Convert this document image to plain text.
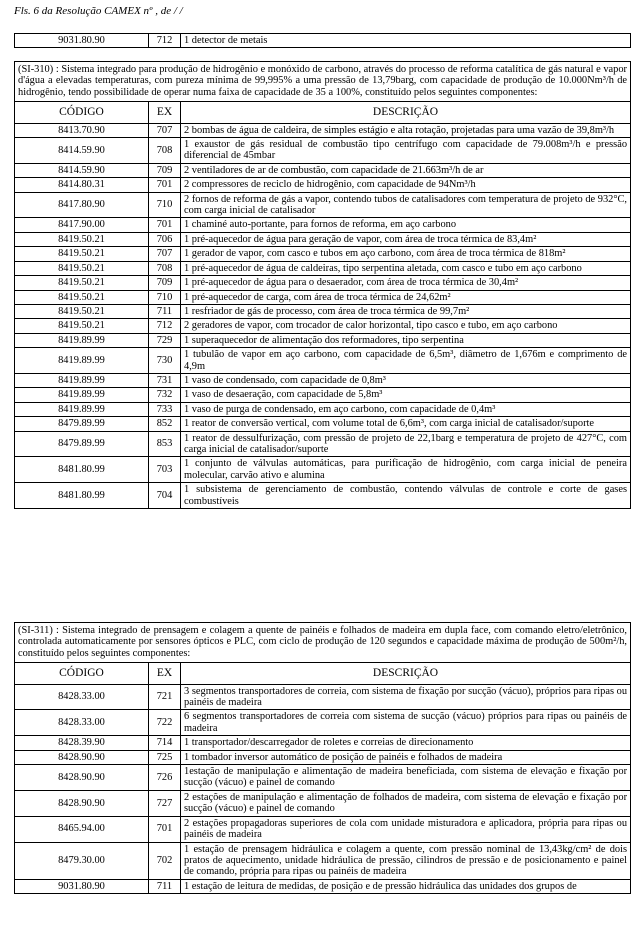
Fls. 6 da Resolução CAMEX nº , de / /
9031.80.90	712	1 detector de metais
(SI-310) : Sistema integrado para produção de hidrogênio e monóxido de carbono, através do processo de reforma catalítica de gás natural e vapor d'água a elevadas temperaturas, com pureza mínima de 99,995% a uma pressão de 13,79barg, com capacidade de produção de 10.000Nm³/h de hidrogênio, tendo possibilidade de operar numa faixa de capacidade de 35 a 100%, constituído pelos seguintes componentes:		
CÓDIGO	EX	DESCRIÇÃO
8413.70.90	707	2 bombas de água de caldeira, de simples estágio e alta rotação, projetadas para uma vazão de 39,8m³/h
8414.59.90	708	1 exaustor de gás residual de combustão tipo centrífugo com capacidade de 79.008m³/h e pressão diferencial de 45mbar
8414.59.90	709	2 ventiladores de ar de combustão, com capacidade de 21.663m³/h de ar
8414.80.31	701	2 compressores de reciclo de hidrogênio, com capacidade de 94Nm³/h
8417.80.90	710	2 fornos de reforma de gás a vapor, contendo tubos de catalisadores com temperatura de projeto de 932°C, com carga inicial de catalisador
8417.90.00	701	1 chaminé auto-portante, para fornos de reforma, em aço carbono
8419.50.21	706	1 pré-aquecedor de água para geração de vapor, com área de troca térmica de 83,4m²
8419.50.21	707	1 gerador de vapor, com casco e tubos em aço carbono, com área de troca térmica de 818m²
8419.50.21	708	1 pré-aquecedor de água de caldeiras, tipo serpentina aletada, com casco e tubo em aço carbono
8419.50.21	709	1 pré-aquecedor de água para o desaerador, com área de troca térmica de 30,4m²
8419.50.21	710	1 pré-aquecedor de carga, com área de troca térmica de 24,62m²
8419.50.21	711	1 resfriador de gás de processo, com área de troca térmica de 99,7m²
8419.50.21	712	2 geradores de vapor, com trocador de calor horizontal, tipo casco e tubo, em aço carbono
8419.89.99	729	1 superaquecedor de alimentação dos reformadores, tipo serpentina
8419.89.99	730	1 tubulão de vapor em aço carbono, com capacidade de 6,5m³, diâmetro de 1,676m e comprimento de 4,9m
8419.89.99	731	1 vaso de condensado, com capacidade de 0,8m³
8419.89.99	732	1 vaso de desaeração, com capacidade de 5,8m³
8419.89.99	733	1 vaso de purga de condensado, em aço carbono, com capacidade de 0,4m³
8479.89.99	852	1 reator de conversão vertical, com volume total de 6,6m³, com carga inicial de catalisador/suporte
8479.89.99	853	1 reator de dessulfurização, com pressão de projeto de 22,1barg e temperatura de projeto de 427°C, com carga inicial de catalisador/suporte
8481.80.99	703	1 conjunto de válvulas automáticas, para purificação de hidrogênio, com carga inicial de peneira molecular, carvão ativo e alumina
8481.80.99	704	1 subsistema de gerenciamento de combustão, contendo válvulas de controle e corte de gases combustíveis
(SI-311) : Sistema integrado de prensagem e colagem a quente de painéis e folhados de madeira em dupla face, com comando eletro/eletrônico, controlada automaticamente por sensores ópticos e PLC, com ciclo de produção de 120 segundos e capacidade máxima de produção de 500m²/h, constituído pelos seguintes componentes:		
CÓDIGO	EX	DESCRIÇÃO
8428.33.00	721	3 segmentos transportadores de correia, com sistema de fixação por sucção (vácuo), próprios para ripas ou painéis de madeira
8428.33.00	722	6 segmentos transportadores de correia com sistema de sucção (vácuo) próprios para ripas ou painéis de madeira
8428.39.90	714	1 transportador/descarregador de roletes e correias de direcionamento
8428.90.90	725	1 tombador inversor automático de posição de painéis e folhados de madeira
8428.90.90	726	1estação de manipulação e alimentação de madeira beneficiada, com sistema de elevação e fixação por sucção (vácuo) e painel de comando
8428.90.90	727	2 estações de manipulação e alimentação de folhados de madeira, com sistema de elevação e fixação por sucção (vácuo) e painel de comando
8465.94.00	701	2 estações propagadoras superiores de cola com unidade misturadora e aplicadora, própria para ripas ou painéis de madeira
8479.30.00	702	1 estação de prensagem hidráulica e colagem a quente, com pressão nominal de 13,43kg/cm² de dois pratos de aquecimento, unidade hidráulica de pressão, cilindros de pressão e de posicionamento e painel de comando, própria para ripas ou painéis de madeira
9031.80.90	711	1 estação de leitura de medidas, de posição e de pressão hidráulica das unidades dos grupos de
